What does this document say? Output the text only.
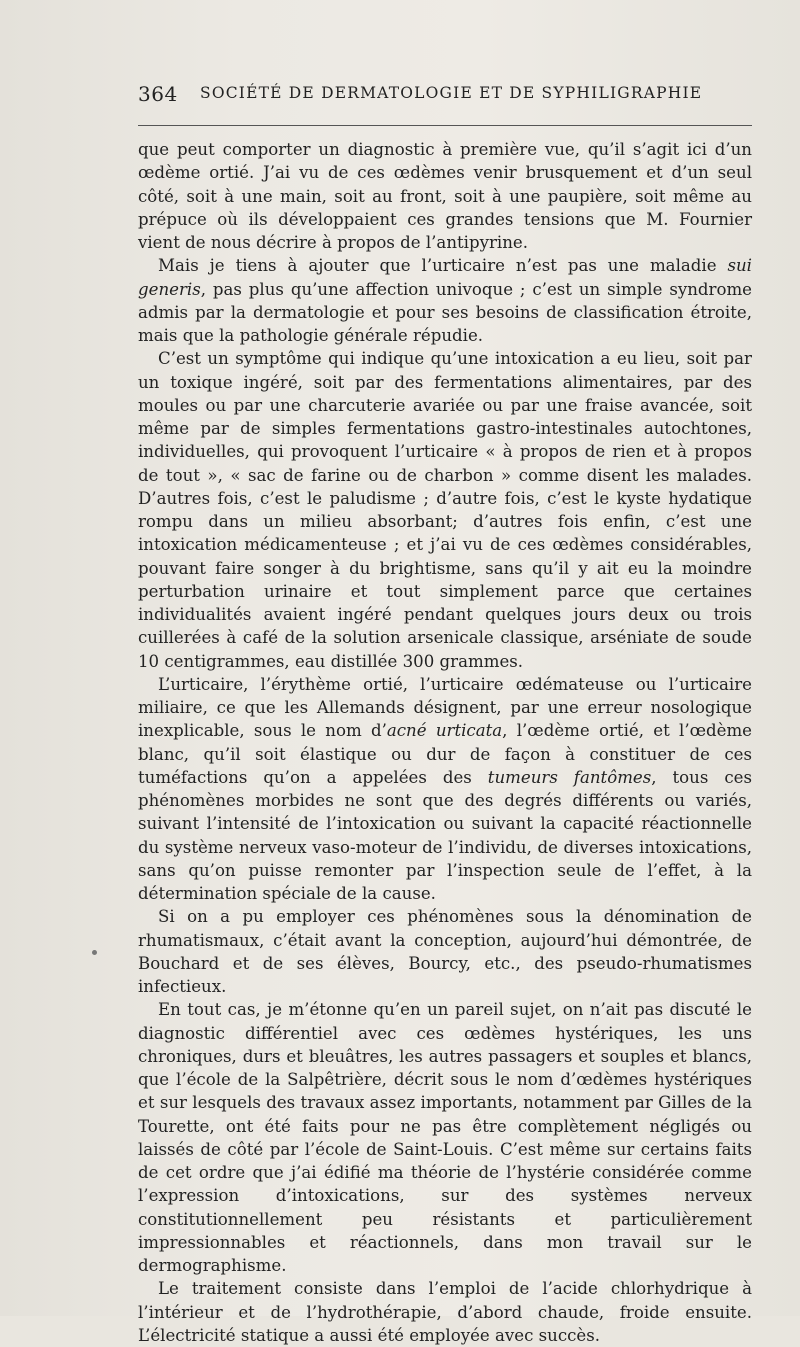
364 SOCIÉTÉ DE DERMATOLOGIE ET DE SYPHILIGRAPHIE

que peut comporter un diagnostic à première vue, qu’il s’agit ici d’un œdème ortié. J’ai vu de ces œdèmes venir brusquement et d’un seul côté, soit à une main, soit au front, soit à une paupière, soit même au prépuce où ils développaient ces grandes tensions que M. Fournier vient de nous décrire à propos de l’antipyrine.

Mais je tiens à ajouter que l’urticaire n’est pas une maladie sui generis, pas plus qu’une affection univoque ; c’est un simple syndrome admis par la dermatologie et pour ses besoins de classification étroite, mais que la pathologie générale répudie.

C’est un symptôme qui indique qu’une intoxication a eu lieu, soit par un toxique ingéré, soit par des fermentations alimentaires, par des moules ou par une charcuterie avariée ou par une fraise avancée, soit même par de simples fermentations gastro-intestinales autochtones, individuelles, qui provoquent l’urticaire « à propos de rien et à propos de tout », « sac de farine ou de charbon » comme disent les malades. D’autres fois, c’est le paludisme ; d’autre fois, c’est le kyste hydatique rompu dans un milieu absorbant; d’autres fois enfin, c’est une intoxication médicamenteuse ; et j’ai vu de ces œdèmes considérables, pouvant faire songer à du brightisme, sans qu’il y ait eu la moindre perturbation urinaire et tout simplement parce que certaines individualités avaient ingéré pendant quelques jours deux ou trois cuillerées à café de la solution arsenicale classique, arséniate de soude 10 centigrammes, eau distillée 300 grammes.

L’urticaire, l’érythème ortié, l’urticaire œdémateuse ou l’urticaire miliaire, ce que les Allemands désignent, par une erreur nosologique inexplicable, sous le nom d’acné urticata, l’œdème ortié, et l’œdème blanc, qu’il soit élastique ou dur de façon à constituer de ces tuméfactions qu’on a appelées des tumeurs fantômes, tous ces phénomènes morbides ne sont que des degrés différents ou variés, suivant l’intensité de l’intoxication ou suivant la capacité réactionnelle du système nerveux vaso-moteur de l’individu, de diverses intoxications, sans qu’on puisse remonter par l’inspection seule de l’effet, à la détermination spéciale de la cause.

Si on a pu employer ces phénomènes sous la dénomination de rhumatismaux, c’était avant la conception, aujourd’hui démontrée, de Bouchard et de ses élèves, Bourcy, etc., des pseudo-rhumatismes infectieux.

En tout cas, je m’étonne qu’en un pareil sujet, on n’ait pas discuté le diagnostic différentiel avec ces œdèmes hystériques, les uns chroniques, durs et bleuâtres, les autres passagers et souples et blancs, que l’école de la Salpêtrière, décrit sous le nom d’œdèmes hystériques et sur lesquels des travaux assez importants, notamment par Gilles de la Tourette, ont été faits pour ne pas être complètement négligés ou laissés de côté par l’école de Saint-Louis. C’est même sur certains faits de cet ordre que j’ai édifié ma théorie de l’hystérie considérée comme l’expression d’intoxications, sur des systèmes nerveux constitutionnellement peu résistants et particulièrement impressionnables et réactionnels, dans mon travail sur le dermographisme.

Le traitement consiste dans l’emploi de l’acide chlorhydrique à l’intérieur et de l’hydrothérapie, d’abord chaude, froide ensuite. L’électricité statique a aussi été employée avec succès.
